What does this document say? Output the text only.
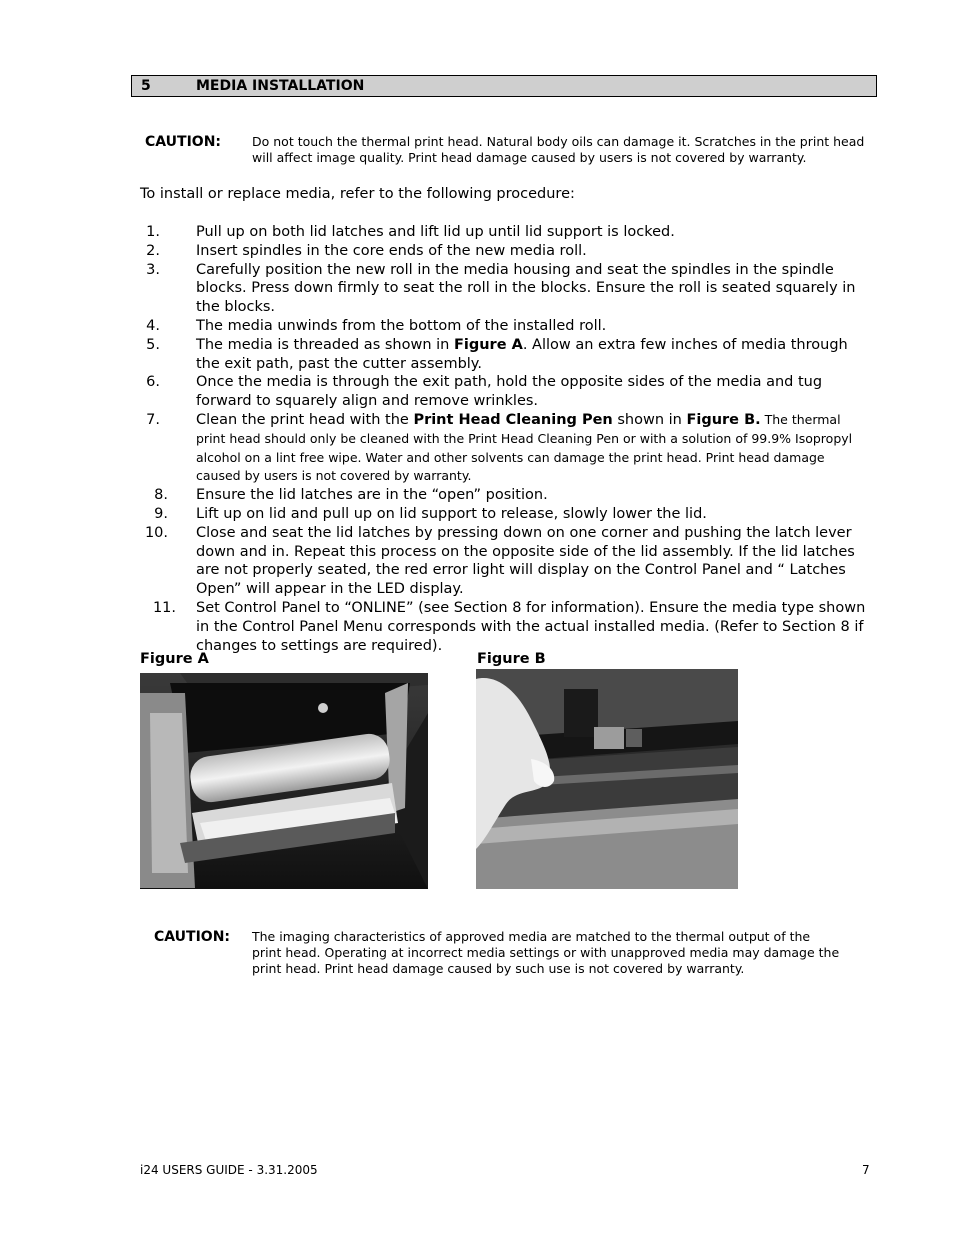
5	MEDIA INSTALLATION
CAUTION: Do not touch the thermal print head. Natural body oils can damage it. Scratches in the print head will affect image quality. Print head damage caused by users is not covered by warranty.
To install or replace media, refer to the following procedure:
1. Pull up on both lid latches and lift lid up until lid support is locked.
2. Insert spindles in the core ends of the new media roll.
3. Carefully position the new roll in the media housing and seat the spindles in the spindle blocks. Press down firmly to seat the roll in the blocks. Ensure the roll is seated squarely in the blocks.
4. The media unwinds from the bottom of the installed roll.
5. The media is threaded as shown in Figure A. Allow an extra few inches of media through the exit path, past the cutter assembly.
6. Once the media is through the exit path, hold the opposite sides of the media and tug forward to squarely align and remove wrinkles.
7. Clean the print head with the Print Head Cleaning Pen shown in Figure B. The thermal print head should only be cleaned with the Print Head Cleaning Pen or with a solution of 99.9% Isopropyl alcohol on a lint free wipe. Water and other solvents can damage the print head. Print head damage caused by users is not covered by warranty.
8. Ensure the lid latches are in the “open” position.
9. Lift up on lid and pull up on lid support to release, slowly lower the lid.
10. Close and seat the lid latches by pressing down on one corner and pushing the latch lever down and in. Repeat this process on the opposite side of the lid assembly. If the lid latches are not properly seated, the red error light will display on the Control Panel and “ Latches Open” will appear in the LED display.
11. Set Control Panel to “ONLINE” (see Section 8 for information). Ensure the media type shown in the Control Panel Menu corresponds with the actual installed media. (Refer to Section 8 if changes to settings are required).
Figure A	Figure B
CAUTION: The imaging characteristics of approved media are matched to the thermal output of the print head. Operating at incorrect media settings or with unapproved media may damage the print head. Print head damage caused by such use is not covered by warranty.
i24 USERS GUIDE - 3.31.2005	7
